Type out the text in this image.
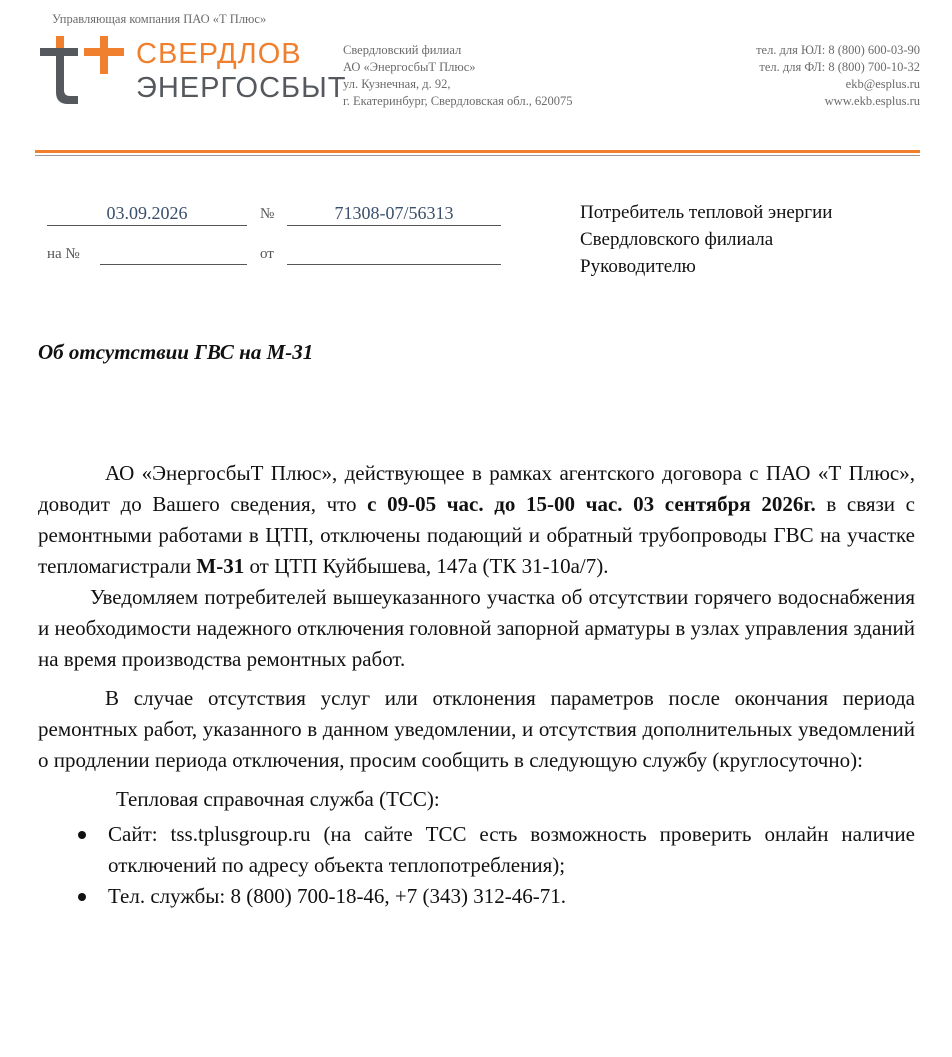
Управляющая компания ПАО «Т Плюс»
СВЕРДЛОВ
ЭНЕРГОСБЫТ
Свердловский филиал
АО «ЭнергосбыТ Плюс»
ул. Кузнечная, д. 92,
г. Екатеринбург, Свердловская обл., 620075
тел. для ЮЛ: 8 (800) 600-03-90
тел. для ФЛ: 8 (800) 700-10-32
ekb@esplus.ru
www.ekb.esplus.ru
03.09.2026	№	71308-07/56313
на №	от
Потребитель тепловой энергии
Свердловского филиала
Руководителю
Об отсутствии ГВС на М-31

АО «ЭнергосбыТ Плюс», действующее в рамках агентского договора с ПАО «Т Плюс», доводит до Вашего сведения, что с 09-05 час. до 15-00 час. 03 сентября 2026г. в связи с ремонтными работами в ЦТП, отключены подающий и обратный трубопроводы ГВС на участке тепломагистрали М-31 от ЦТП Куйбышева, 147а (ТК 31-10а/7).

Уведомляем потребителей вышеуказанного участка об отсутствии горячего водоснабжения и необходимости надежного отключения головной запорной арматуры в узлах управления зданий на время производства ремонтных работ.

В случае отсутствия услуг или отклонения параметров после окончания периода ремонтных работ, указанного в данном уведомлении, и отсутствия дополнительных уведомлений о продлении периода отключения, просим сообщить в следующую службу (круглосуточно):

Тепловая справочная служба (ТСС):
Сайт: tss.tplusgroup.ru (на сайте ТСС есть возможность проверить онлайн наличие отключений по адресу объекта теплопотребления);
Тел. службы: 8 (800) 700-18-46, +7 (343) 312-46-71.
